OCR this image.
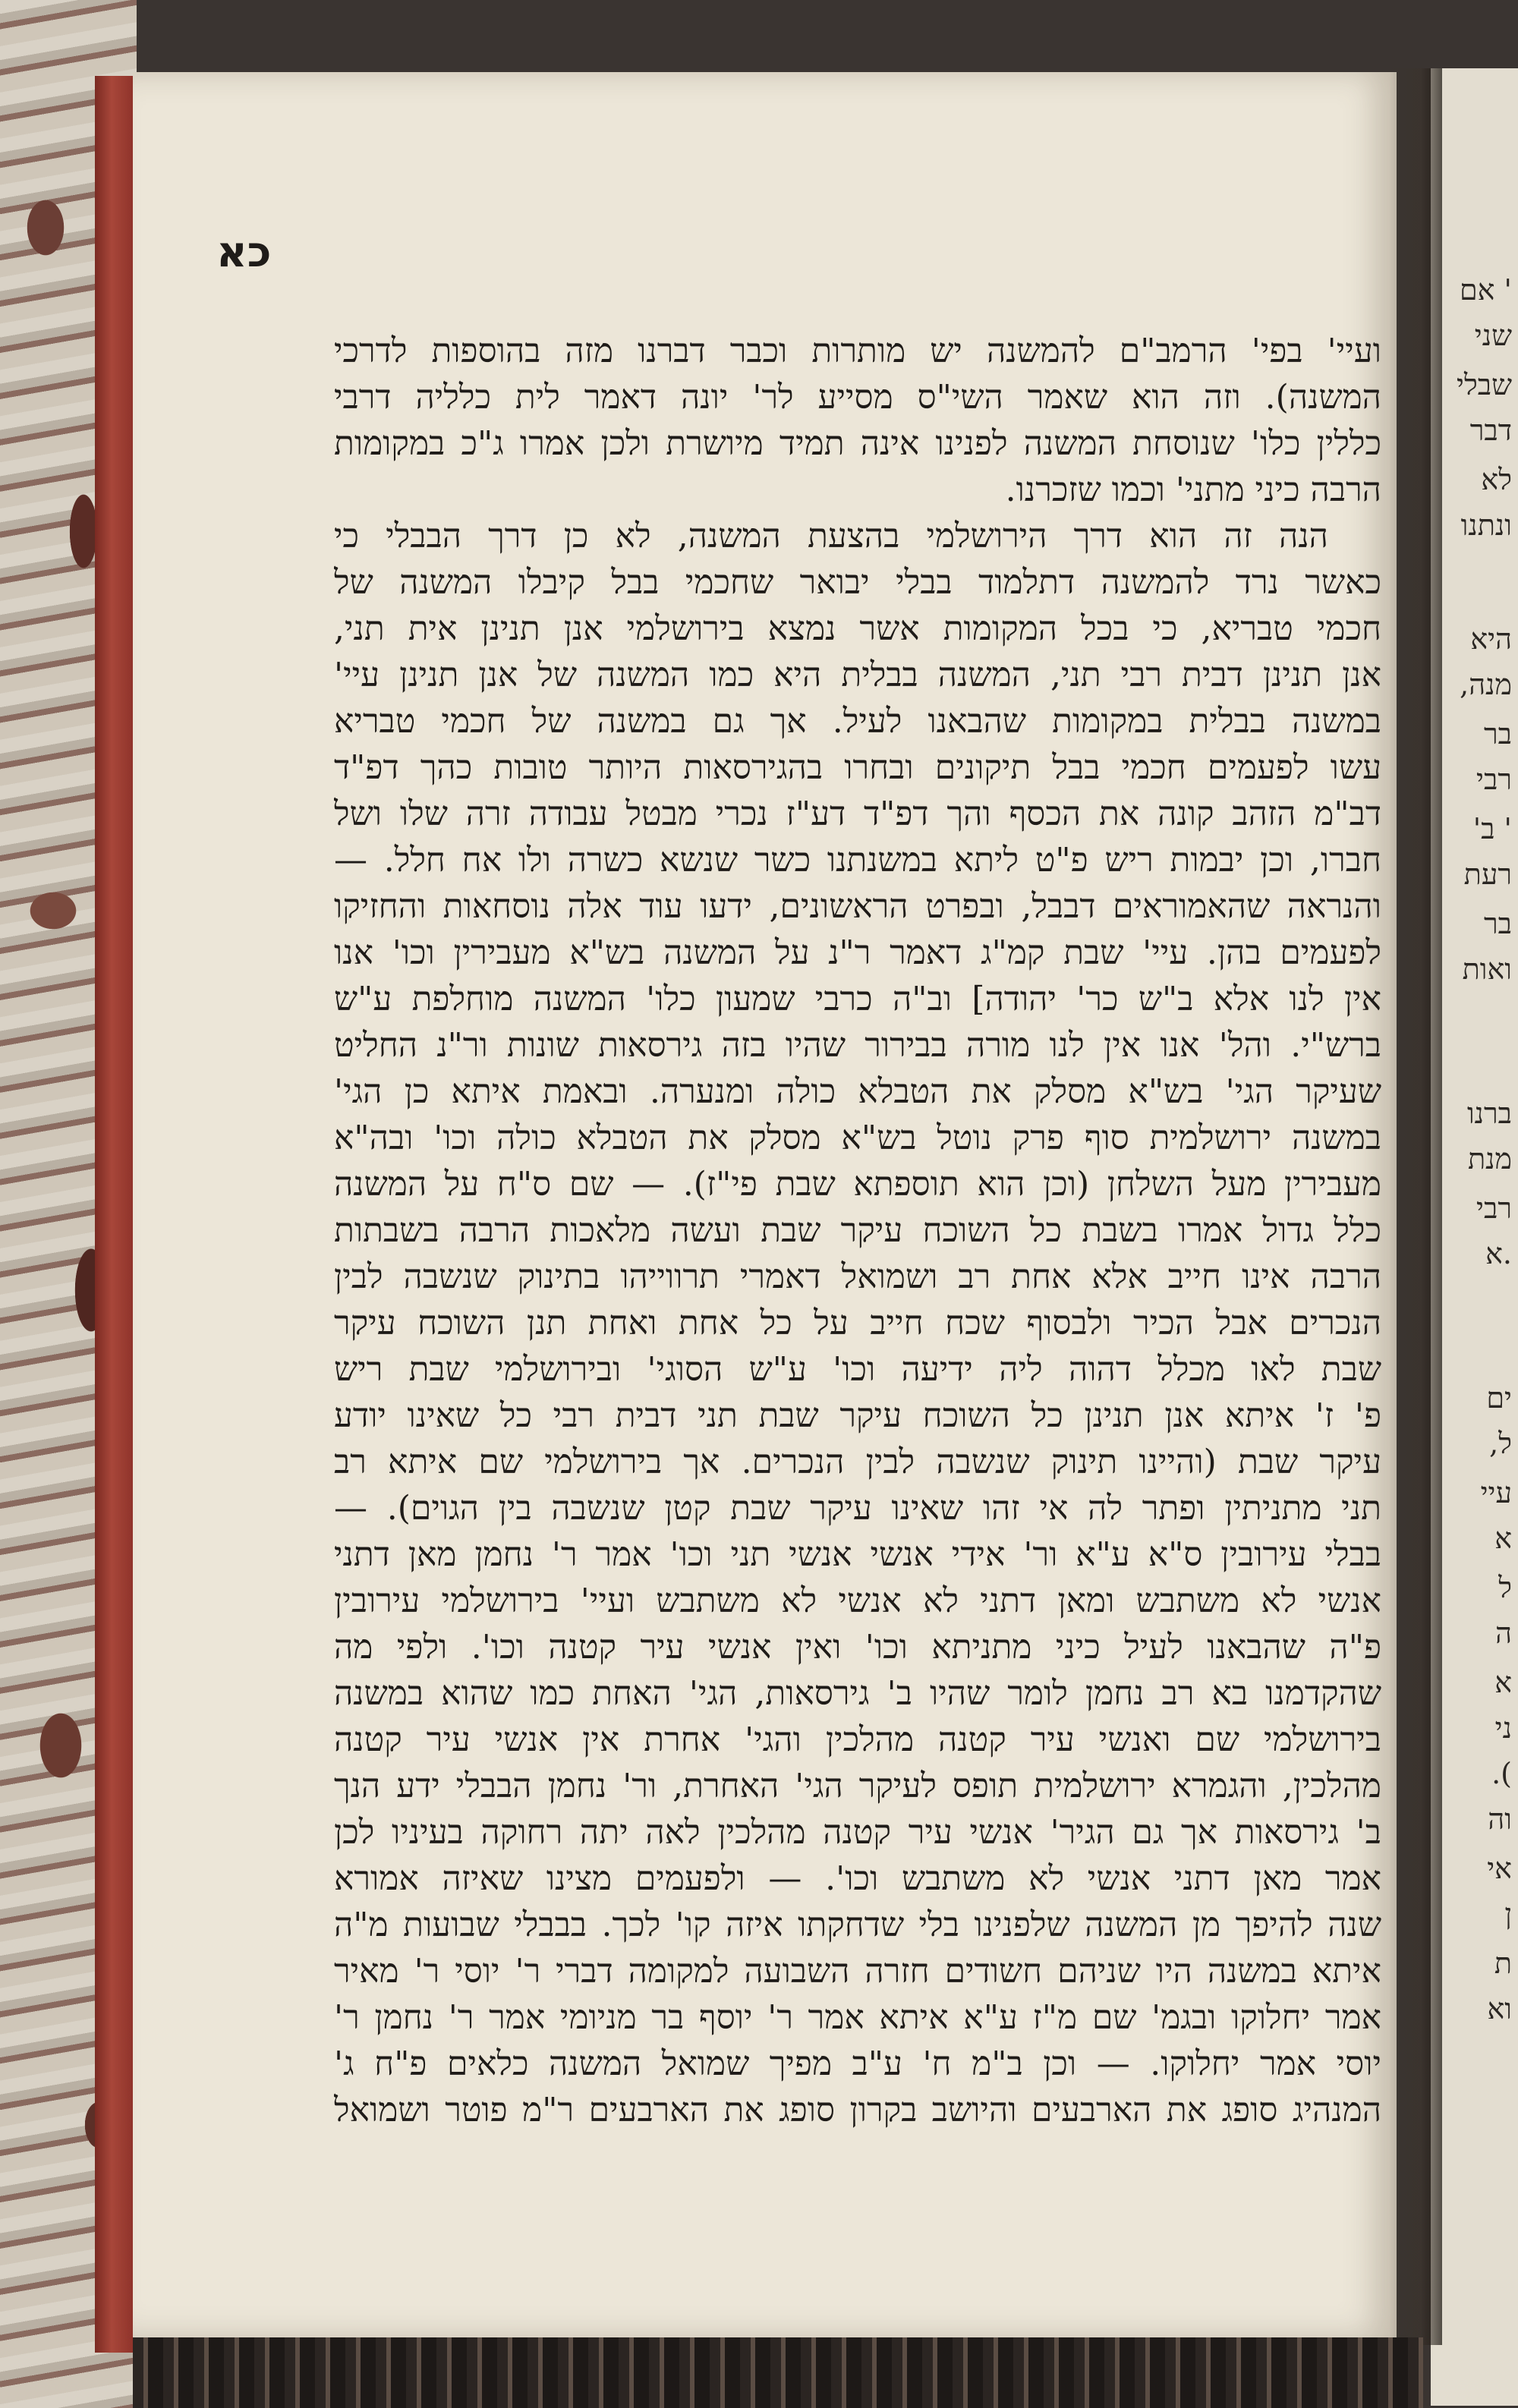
' אם
שני
שבלי
דבר
לא
ונתנו
היא
מנה,
בר
רבי
' ב'
רעת
בר
ואות
ברנו
מנת
רבי
.א
ים
ל,
עיי
א
ל
ה
א
ני
).
וה
אי
ן
ת
וא
כא
ועיי' בפי' הרמב"ם להמשנה יש מותרות וכבר דברנו מזה בהוספות לדרכי
המשנה). וזה הוא שאמר השי"ס מסייע לר' יונה דאמר לית כלליה דרבי
כללין כלו' שנוסחת המשנה לפנינו אינה תמיד מיושרת ולכן אמרו ג"כ במקומות
הרבה כיני מתני' וכמו שזכרנו.
הנה זה הוא דרך הירושלמי בהצעת המשנה, לא כן דרך הבבלי כי
כאשר נרד להמשנה דתלמוד בבלי יבואר שחכמי בבל קיבלו המשנה של
חכמי טבריא, כי בכל המקומות אשר נמצא בירושלמי אנן תנינן אית תני,
אנן תנינן דבית רבי תני, המשנה בבלית היא כמו המשנה של אנן תנינן עיי'
במשנה בבלית במקומות שהבאנו לעיל. אך גם במשנה של חכמי טבריא
עשו לפעמים חכמי בבל תיקונים ובחרו בהגירסאות היותר טובות כהך דפ"ד
דב"מ הזהב קונה את הכסף והך דפ"ד דע"ז נכרי מבטל עבודה זרה שלו ושל
חברו, וכן יבמות ריש פ"ט ליתא במשנתנו כשר שנשא כשרה ולו אח חלל. —
והנראה שהאמוראים דבבל, ובפרט הראשונים, ידעו עוד אלה נוסחאות והחזיקו
לפעמים בהן. עיי' שבת קמ"ג דאמר ר"נ על המשנה בש"א מעבירין וכו' אנו
אין לנו אלא ב"ש כר' יהודה] וב"ה כרבי שמעון כלו' המשנה מוחלפת ע"ש
ברש"י. והל' אנו אין לנו מורה בבירור שהיו בזה גירסאות שונות ור"נ החליט
שעיקר הגי' בש"א מסלק את הטבלא כולה ומנערה. ובאמת איתא כן הגי'
במשנה ירושלמית סוף פרק נוטל בש"א מסלק את הטבלא כולה וכו' ובה"א
מעבירין מעל השלחן (וכן הוא תוספתא שבת פי"ז). — שם ס"ח על המשנה
כלל גדול אמרו בשבת כל השוכח עיקר שבת ועשה מלאכות הרבה בשבתות
הרבה אינו חייב אלא אחת רב ושמואל דאמרי תרווייהו בתינוק שנשבה לבין
הנכרים אבל הכיר ולבסוף שכח חייב על כל אחת ואחת תנן השוכח עיקר
שבת לאו מכלל דהוה ליה ידיעה וכו' ע"ש הסוגי' ובירושלמי שבת ריש
פ' ז' איתא אנן תנינן כל השוכח עיקר שבת תני דבית רבי כל שאינו יודע
עיקר שבת (והיינו תינוק שנשבה לבין הנכרים. אך בירושלמי שם איתא רב
תני מתניתין ופתר לה אי זהו שאינו עיקר שבת קטן שנשבה בין הגוים). —
בבלי עירובין ס"א ע"א ור' אידי אנשי אנשי תני וכו' אמר ר' נחמן מאן דתני
אנשי לא משתבש ומאן דתני לא אנשי לא משתבש ועיי' בירושלמי עירובין
פ"ה שהבאנו לעיל כיני מתניתא וכו' ואין אנשי עיר קטנה וכו'. ולפי מה
שהקדמנו בא רב נחמן לומר שהיו ב' גירסאות, הגי' האחת כמו שהוא במשנה
בירושלמי שם ואנשי עיר קטנה מהלכין והגי' אחרת אין אנשי עיר קטנה
מהלכין, והגמרא ירושלמית תופס לעיקר הגי' האחרת, ור' נחמן הבבלי ידע הנך
ב' גירסאות אך גם הגיר' אנשי עיר קטנה מהלכין לאה יתה רחוקה בעיניו לכן
אמר מאן דתני אנשי לא משתבש וכו'. — ולפעמים מצינו שאיזה אמורא
שנה להיפך מן המשנה שלפנינו בלי שדחקתו איזה קו' לכך. בבבלי שבועות מ"ה
איתא במשנה היו שניהם חשודים חזרה השבועה למקומה דברי ר' יוסי ר' מאיר
אמר יחלוקו ובגמ' שם מ"ז ע"א איתא אמר ר' יוסף בר מניומי אמר ר' נחמן ר'
יוסי אמר יחלוקו. — וכן ב"מ ח' ע"ב מפיך שמואל המשנה כלאים פ"ח ג'
המנהיג סופג את הארבעים והיושב בקרון סופג את הארבעים ר"מ פוטר ושמואל
